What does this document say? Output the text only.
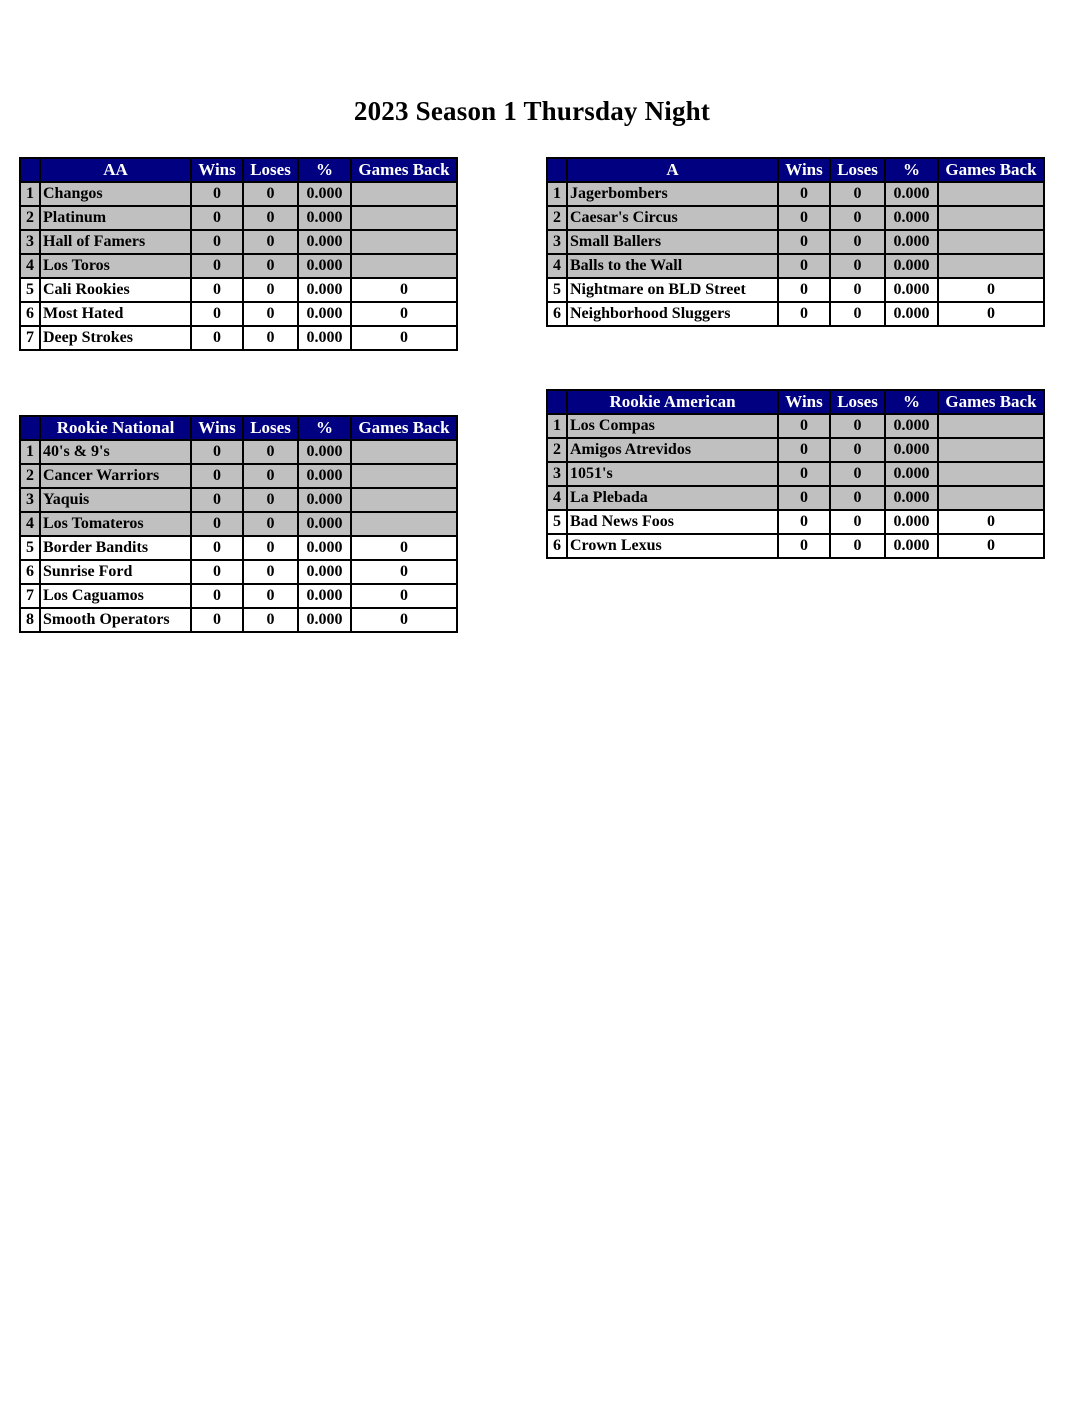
2023 Season 1 Thursday Night
	AA	Wins	Loses	%	Games Back
1	Changos	0	0	0.000	
2	Platinum	0	0	0.000	
3	Hall of Famers	0	0	0.000	
4	Los Toros	0	0	0.000	
5	Cali Rookies	0	0	0.000	0
6	Most Hated	0	0	0.000	0
7	Deep Strokes	0	0	0.000	0
	A	Wins	Loses	%	Games Back
1	Jagerbombers	0	0	0.000	
2	Caesar's Circus	0	0	0.000	
3	Small Ballers	0	0	0.000	
4	Balls to the Wall	0	0	0.000	
5	Nightmare on BLD Street	0	0	0.000	0
6	Neighborhood Sluggers	0	0	0.000	0
	Rookie American	Wins	Loses	%	Games Back
1	Los Compas	0	0	0.000	
2	Amigos Atrevidos	0	0	0.000	
3	1051's	0	0	0.000	
4	La Plebada	0	0	0.000	
5	Bad News Foos	0	0	0.000	0
6	Crown Lexus	0	0	0.000	0
	Rookie National	Wins	Loses	%	Games Back
1	40's & 9's	0	0	0.000	
2	Cancer Warriors	0	0	0.000	
3	Yaquis	0	0	0.000	
4	Los Tomateros	0	0	0.000	
5	Border Bandits	0	0	0.000	0
6	Sunrise Ford	0	0	0.000	0
7	Los Caguamos	0	0	0.000	0
8	Smooth Operators	0	0	0.000	0
